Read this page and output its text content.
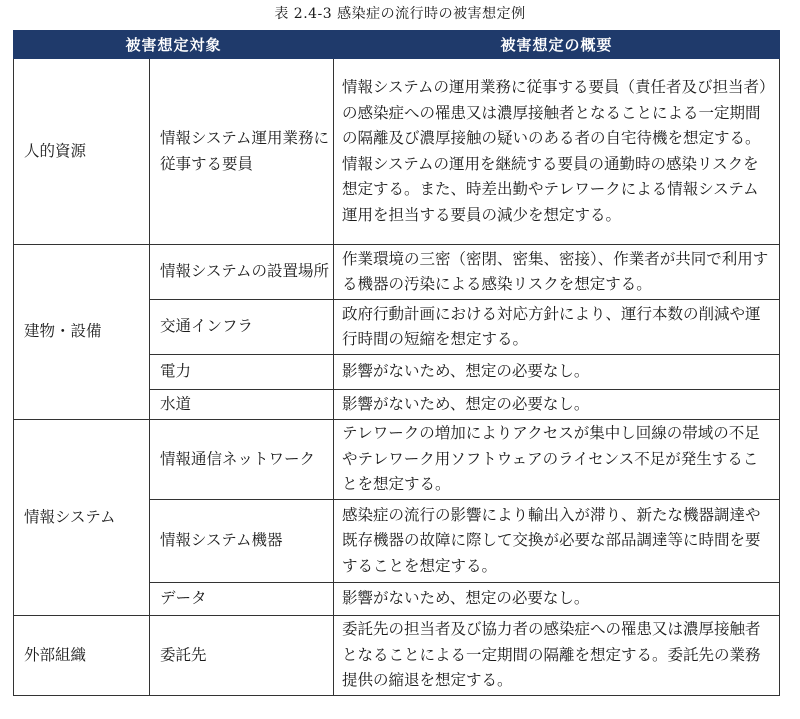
表 2.4-3 感染症の流行時の被害想定例
被害想定対象		被害想定の概要
人的資源	情報システム運用業務に従事する要員	情報システムの運用業務に従事する要員（責任者及び担当者）の感染症への罹患又は濃厚接触者となることによる一定期間の隔離及び濃厚接触の疑いのある者の自宅待機を想定する。情報システムの運用を継続する要員の通勤時の感染リスクを想定する。また、時差出勤やテレワークによる情報システム運用を担当する要員の減少を想定する。
建物・設備	情報システムの設置場所	作業環境の三密（密閉、密集、密接）、作業者が共同で利用する機器の汚染による感染リスクを想定する。
	交通インフラ	政府行動計画における対応方針により、運行本数の削減や運行時間の短縮を想定する。
	電力	影響がないため、想定の必要なし。
	水道	影響がないため、想定の必要なし。
情報システム	情報通信ネットワーク	テレワークの増加によりアクセスが集中し回線の帯域の不足やテレワーク用ソフトウェアのライセンス不足が発生することを想定する。
	情報システム機器	感染症の流行の影響により輸出入が滞り、新たな機器調達や既存機器の故障に際して交換が必要な部品調達等に時間を要することを想定する。
	データ	影響がないため、想定の必要なし。
外部組織	委託先	委託先の担当者及び協力者の感染症への罹患又は濃厚接触者となることによる一定期間の隔離を想定する。委託先の業務提供の縮退を想定する。
